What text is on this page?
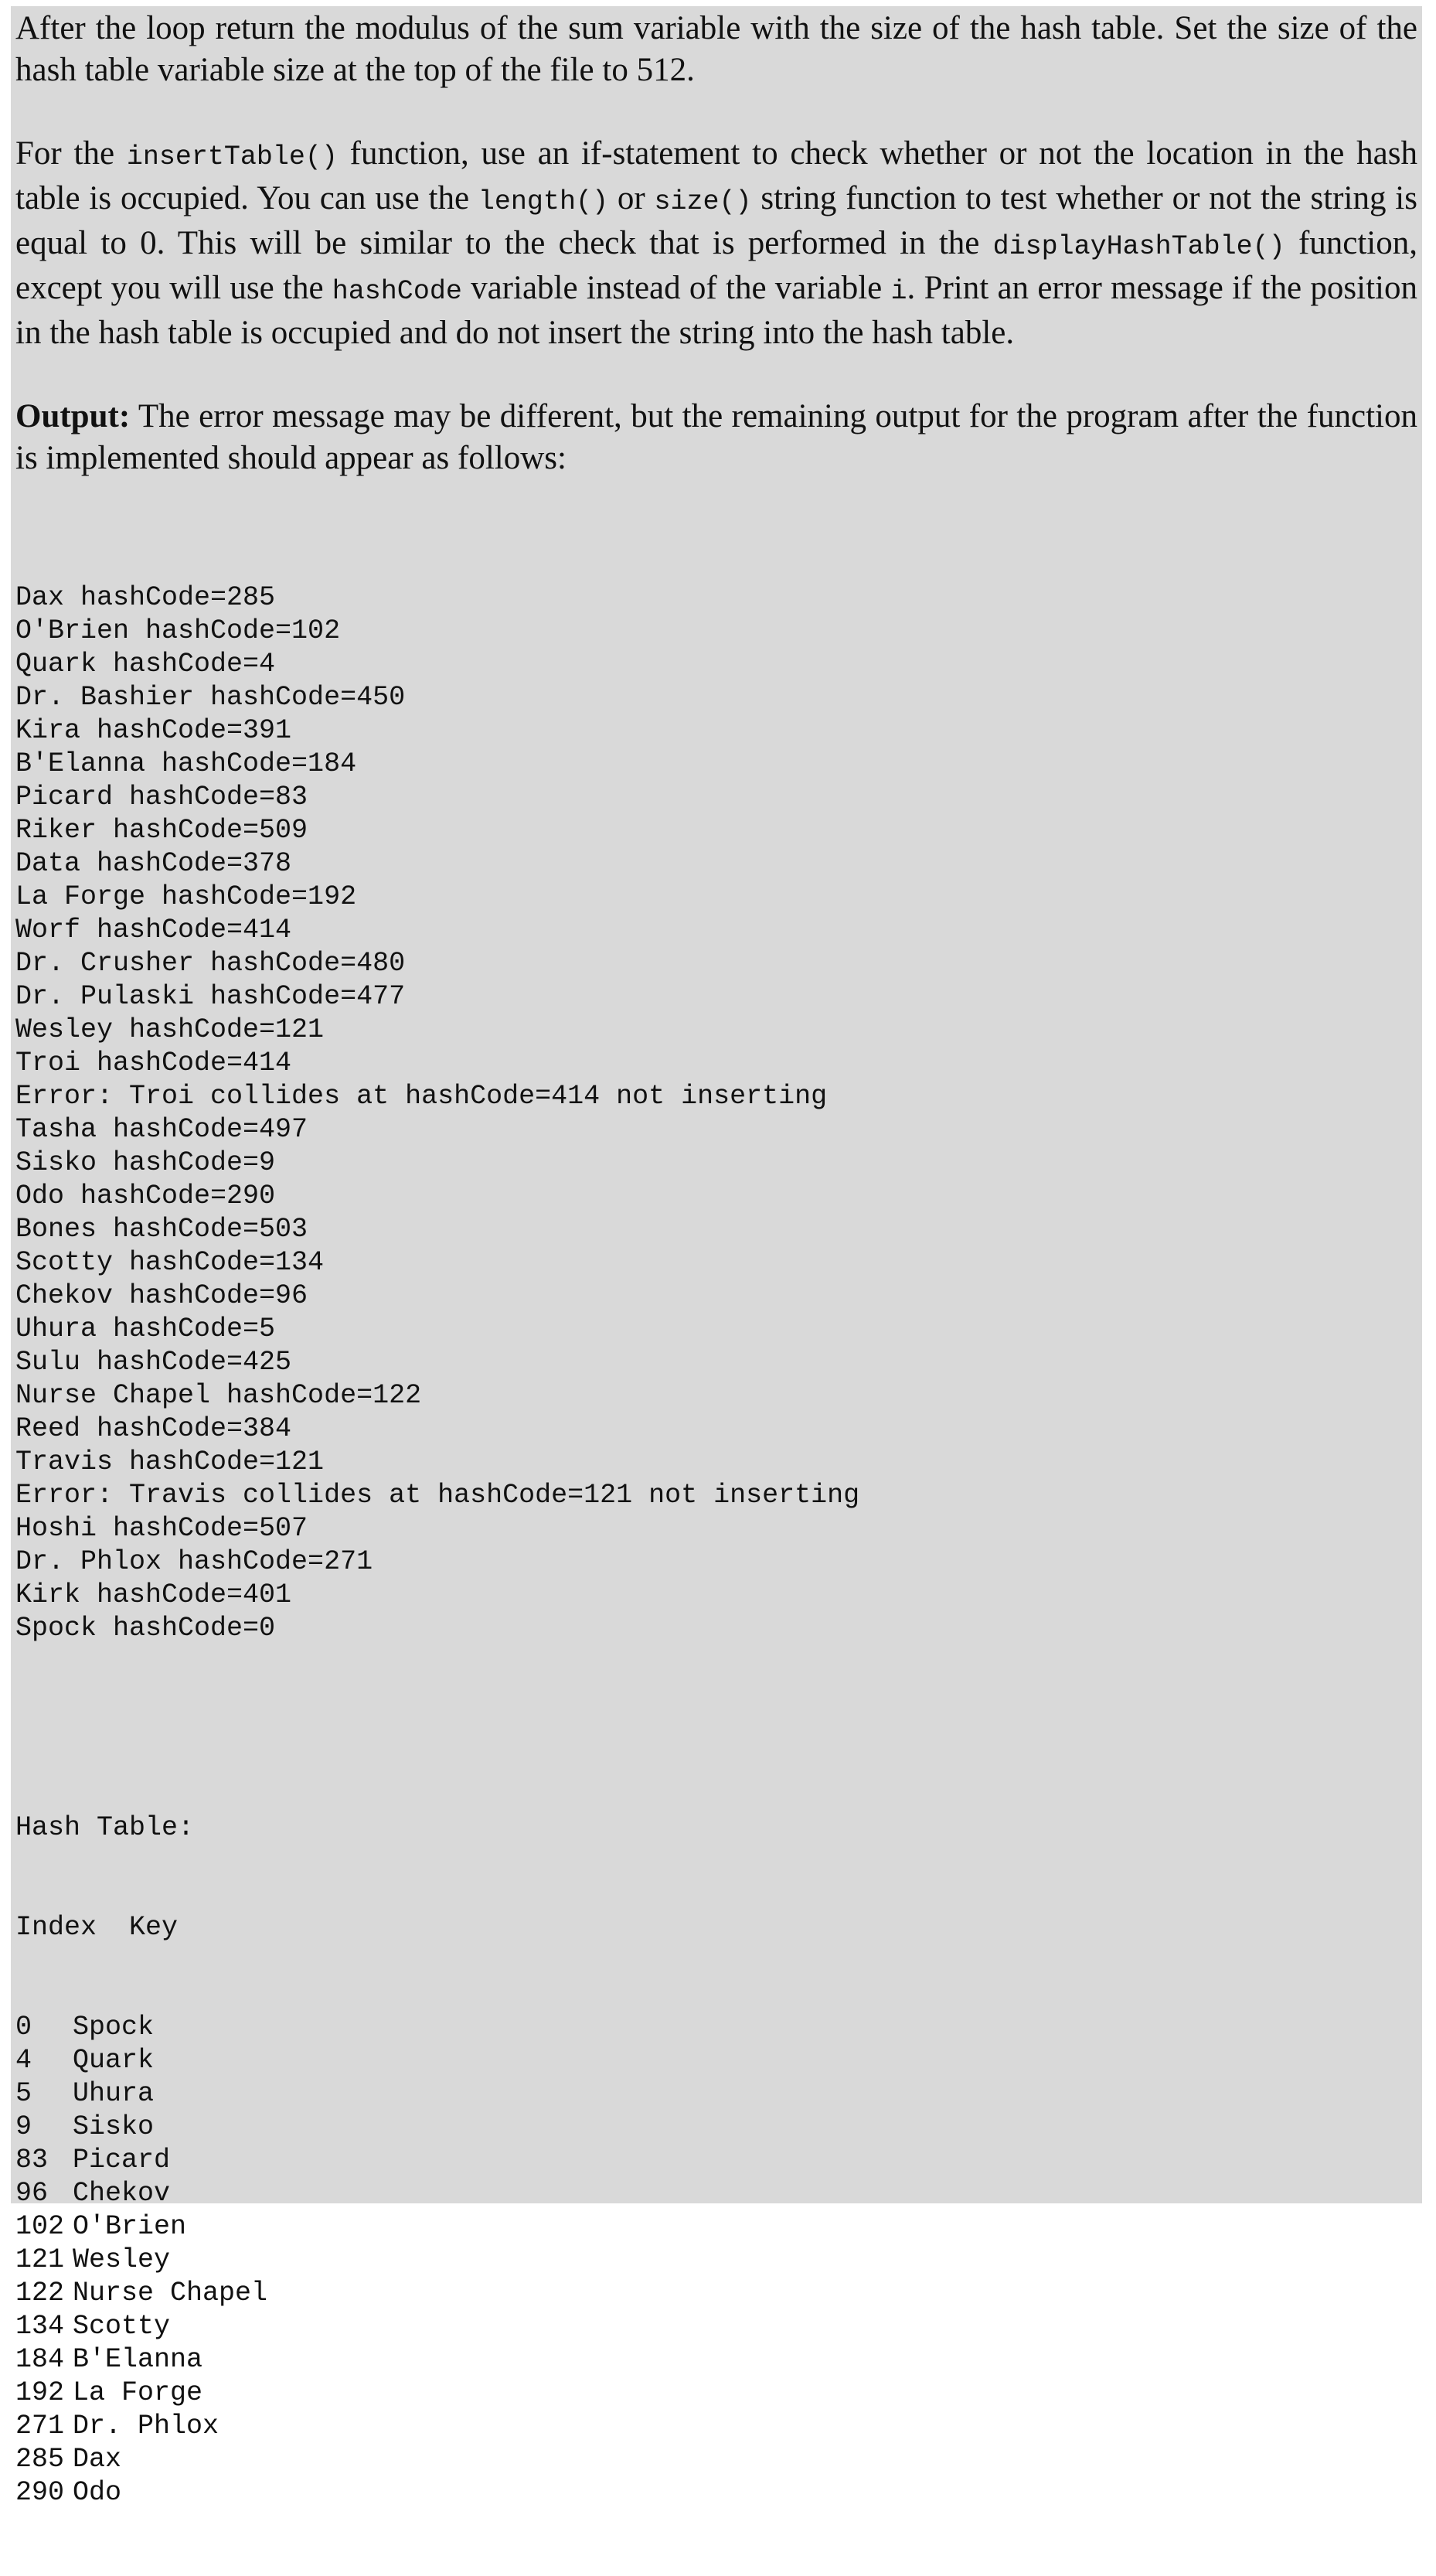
After the loop return the modulus of the sum variable with the size of the hash table. Set the size of the hash table variable size at the top of the file to 512.

For the insertTable() function, use an if-statement to check whether or not the location in the hash table is occupied. You can use the length() or size() string function to test whether or not the string is equal to 0. This will be similar to the check that is performed in the displayHashTable() function, except you will use the hashCode variable instead of the variable i. Print an error message if the position in the hash table is occupied and do not insert the string into the hash table.

Output: The error message may be different, but the remaining output for the program after the function is implemented should appear as follows:

Dax hashCode=285
O'Brien hashCode=102
Quark hashCode=4
Dr. Bashier hashCode=450
Kira hashCode=391
B'Elanna hashCode=184
Picard hashCode=83
Riker hashCode=509
Data hashCode=378
La Forge hashCode=192
Worf hashCode=414
Dr. Crusher hashCode=480
Dr. Pulaski hashCode=477
Wesley hashCode=121
Troi hashCode=414
Error: Troi collides at hashCode=414 not inserting
Tasha hashCode=497
Sisko hashCode=9
Odo hashCode=290
Bones hashCode=503
Scotty hashCode=134
Chekov hashCode=96
Uhura hashCode=5
Sulu hashCode=425
Nurse Chapel hashCode=122
Reed hashCode=384
Travis hashCode=121
Error: Travis collides at hashCode=121 not inserting
Hoshi hashCode=507
Dr. Phlox hashCode=271
Kirk hashCode=401
Spock hashCode=0

Hash Table:

Index  Key

0 Spock
4 Quark
5 Uhura
9 Sisko
83 Picard
96 Chekov
102 O'Brien
121 Wesley
122 Nurse Chapel
134 Scotty
184 B'Elanna
192 La Forge
271 Dr. Phlox
285 Dax
290 Odo
